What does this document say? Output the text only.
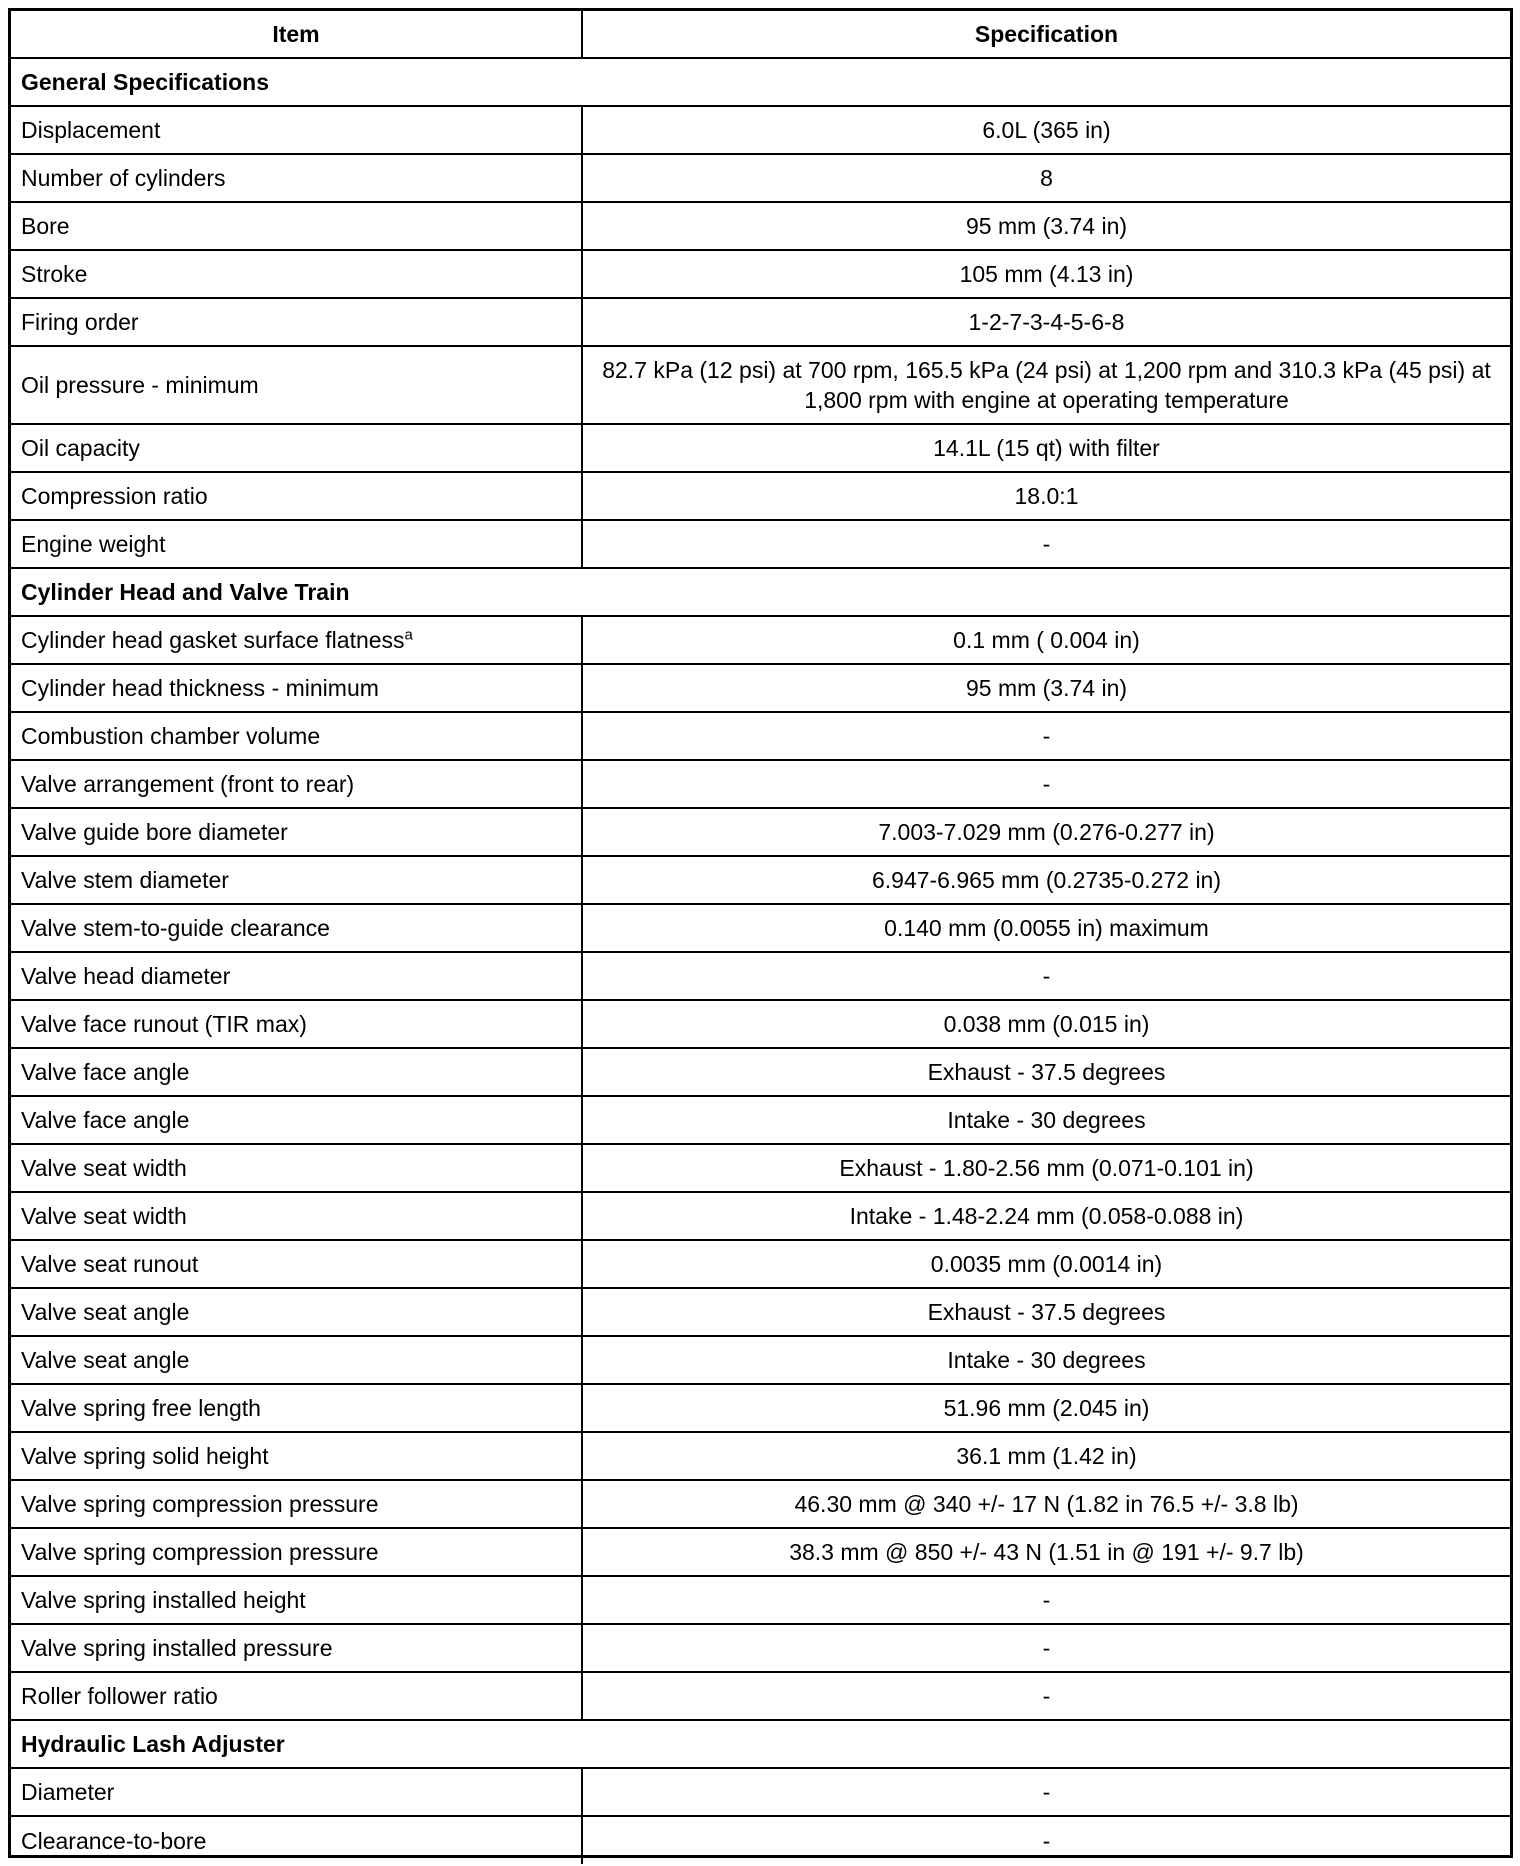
Item	Specification
General Specifications	
Displacement	6.0L (365 in)
Number of cylinders	8
Bore	95 mm (3.74 in)
Stroke	105 mm (4.13 in)
Firing order	1-2-7-3-4-5-6-8
Oil pressure - minimum	82.7 kPa (12 psi) at 700 rpm, 165.5 kPa (24 psi) at 1,200 rpm and 310.3 kPa (45 psi) at 1,800 rpm with engine at operating temperature
Oil capacity	14.1L (15 qt) with filter
Compression ratio	18.0:1
Engine weight	-
Cylinder Head and Valve Train	
Cylinder head gasket surface flatness$^a$	0.1 mm ( 0.004 in)
Cylinder head thickness - minimum	95 mm (3.74 in)
Combustion chamber volume	-
Valve arrangement (front to rear)	-
Valve guide bore diameter	7.003-7.029 mm (0.276-0.277 in)
Valve stem diameter	6.947-6.965 mm (0.2735-0.272 in)
Valve stem-to-guide clearance	0.140 mm (0.0055 in) maximum
Valve head diameter	-
Valve face runout (TIR max)	0.038 mm (0.015 in)
Valve face angle	Exhaust - 37.5 degrees
Valve face angle	Intake - 30 degrees
Valve seat width	Exhaust - 1.80-2.56 mm (0.071-0.101 in)
Valve seat width	Intake - 1.48-2.24 mm (0.058-0.088 in)
Valve seat runout	0.0035 mm (0.0014 in)
Valve seat angle	Exhaust - 37.5 degrees
Valve seat angle	Intake - 30 degrees
Valve spring free length	51.96 mm (2.045 in)
Valve spring solid height	36.1 mm (1.42 in)
Valve spring compression pressure	46.30 mm @ 340 +/- 17 N (1.82 in 76.5 +/- 3.8 lb)
Valve spring compression pressure	38.3 mm @ 850 +/- 43 N (1.51 in @ 191 +/- 9.7 lb)
Valve spring installed height	-
Valve spring installed pressure	-
Roller follower ratio	-
Hydraulic Lash Adjuster	
Diameter	-
Clearance-to-bore	-
